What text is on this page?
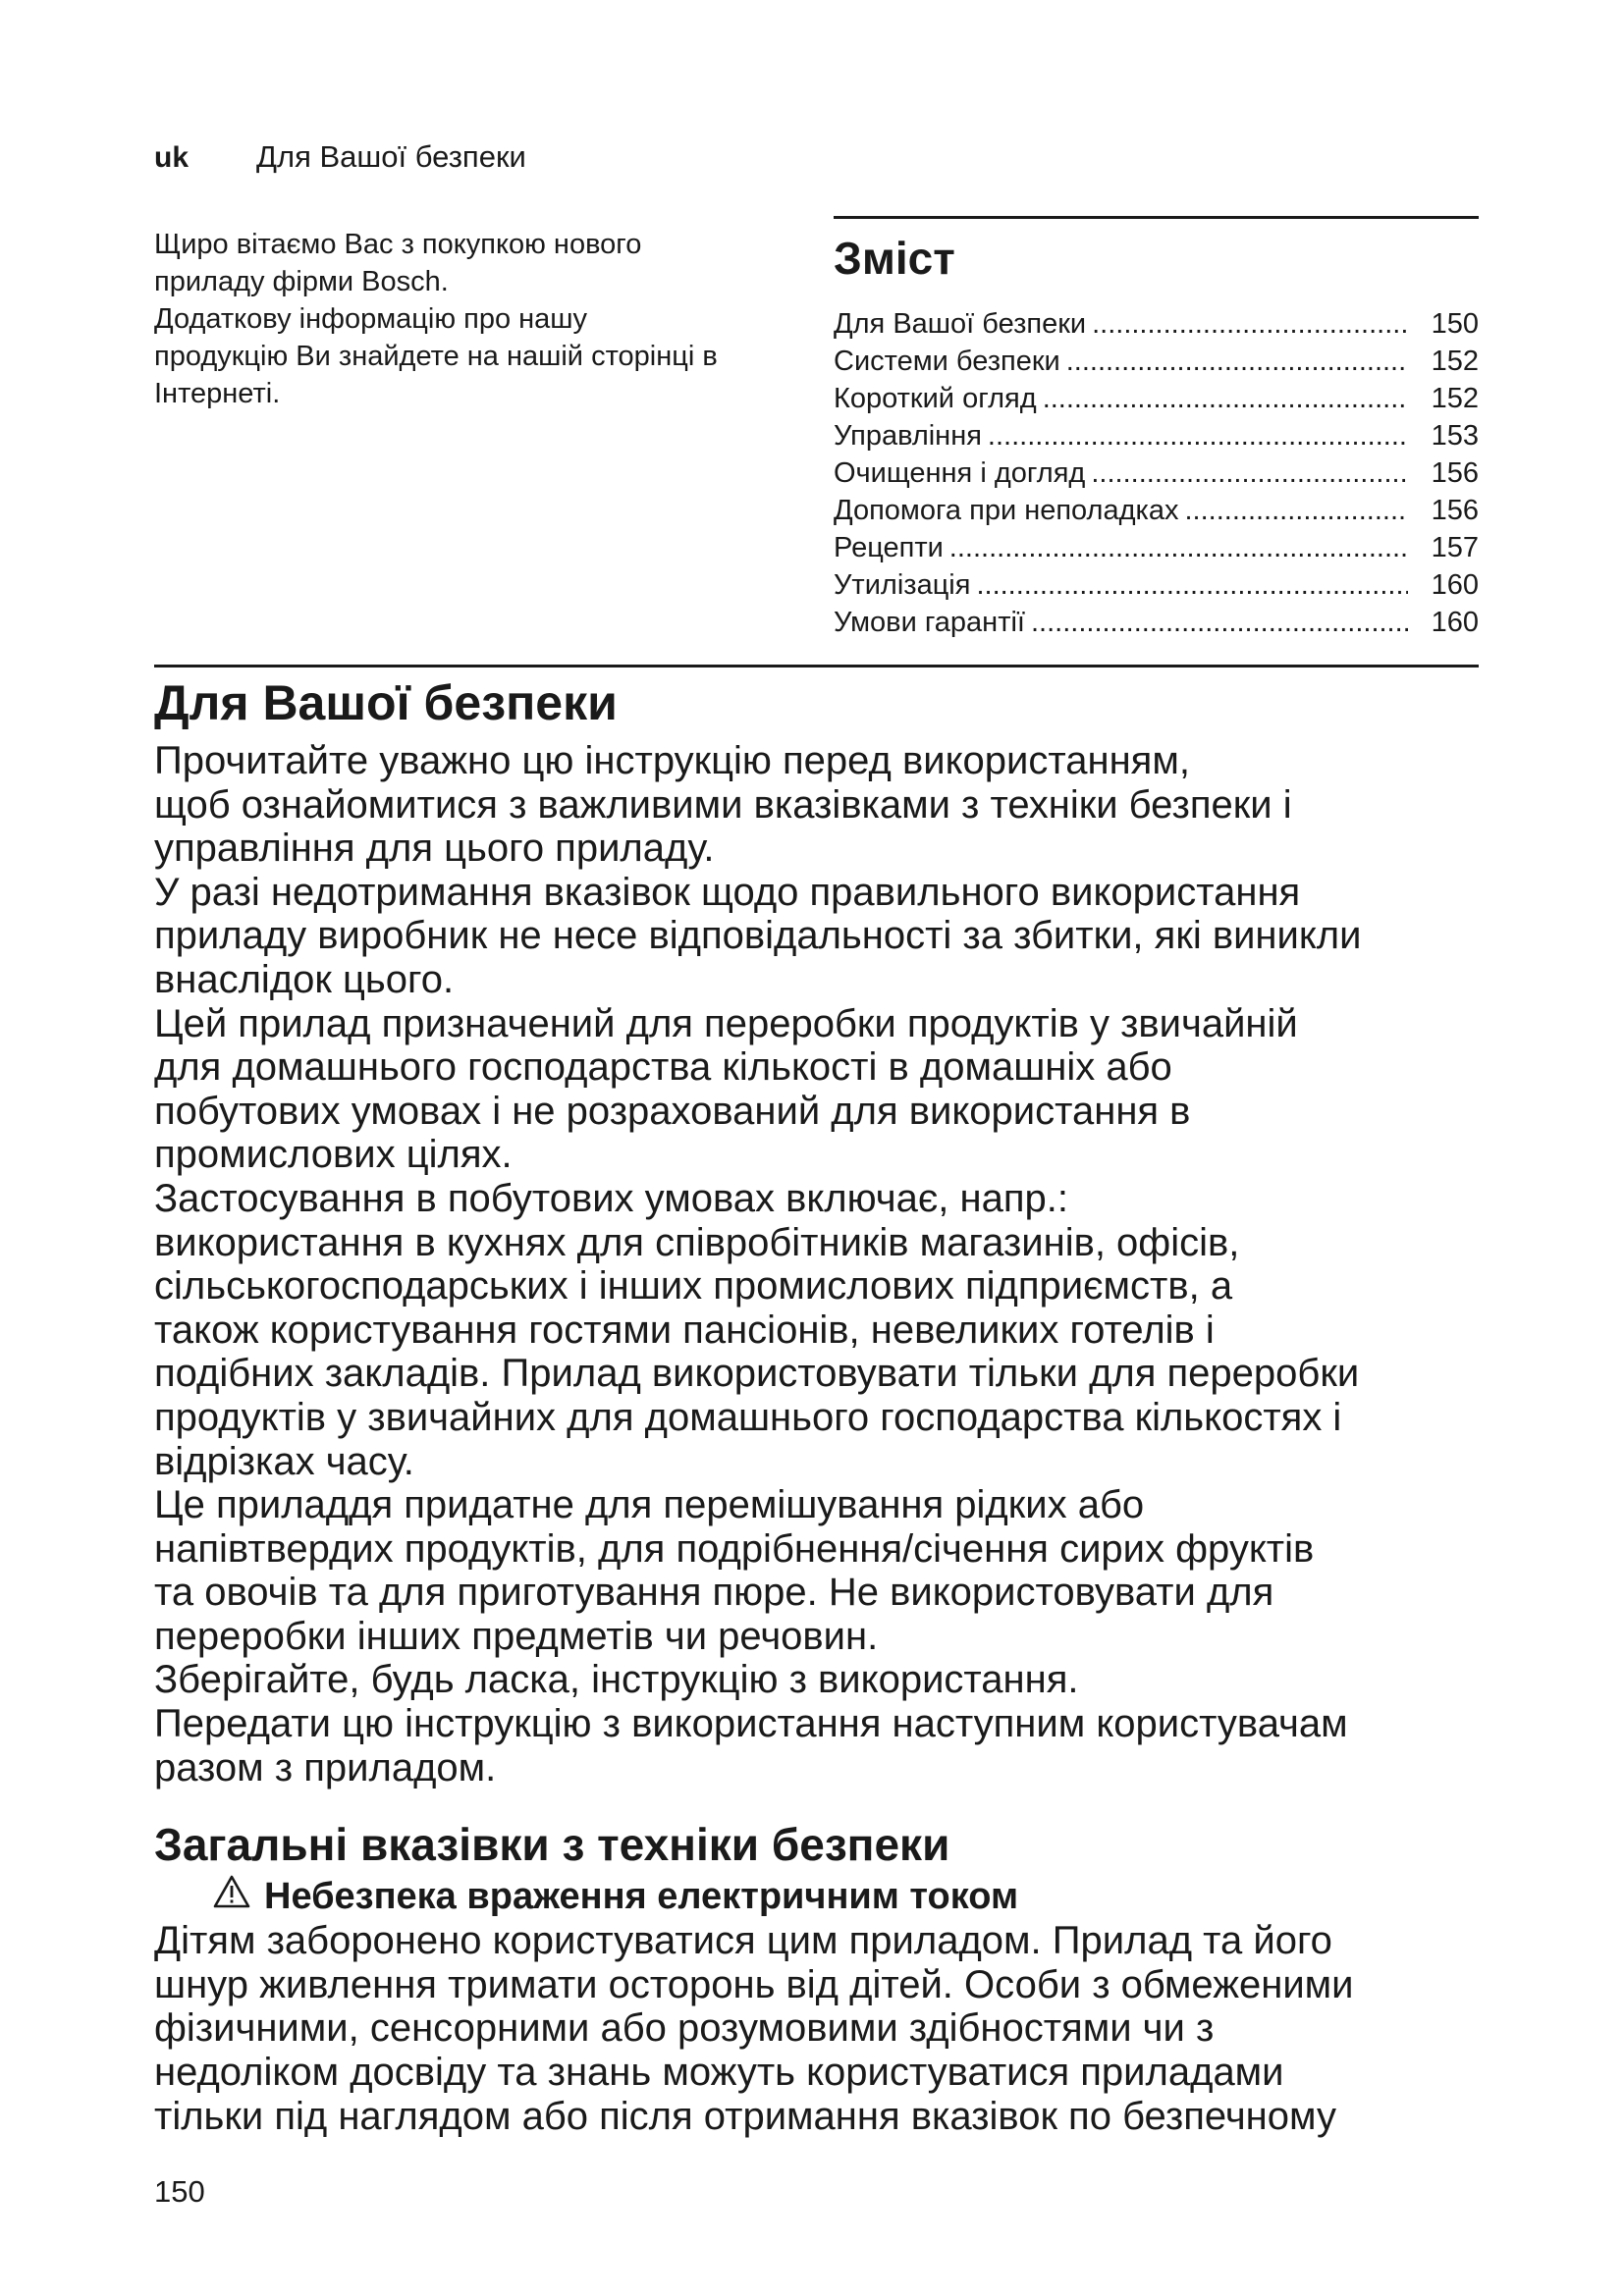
uk Для Вашої безпеки

Щиро вітаємо Вас з покупкою нового

приладу фірми Bosch.

Додаткову інформацію про нашу

продукцію Ви знайдете на нашій сторінці в

Інтернеті.

Зміст
Для Вашої безпеки .....	150
Системи безпеки .....	152
Короткий огляд .....	152
Управління .....	153
Очищення і догляд .....	156
Допомога при неполадках .....	156
Рецепти .....	157
Утилізація .....	160
Умови гарантії .....	160
Для Вашої безпеки

Прочитайте уважно цю інструкцію перед використанням,

щоб ознайомитися з важливими вказівками з техніки безпеки і

управління для цього приладу.

У разі недотримання вказівок щодо правильного використання

приладу виробник не несе відповідальності за збитки, які виникли

внаслідок цього.

Цей прилад призначений для переробки продуктів у звичайній

для домашнього господарства кількості в домашніх або

побутових умовах і не розрахований для використання в

промислових цілях.

Застосування в побутових умовах включає, напр.:

використання в кухнях для співробітників магазинів, офісів,

сільськогосподарських і інших промислових підприємств, а

також користування гостями пансіонів, невеликих готелів і

подібних закладів. Прилад використовувати тільки для переробки

продуктів у звичайних для домашнього господарства кількостях і

відрізках часу.

Це приладдя придатне для перемішування рідких або

напівтвердих продуктів, для подрібнення/січення сирих фруктів

та овочів та для приготування пюре. Не використовувати для

переробки інших предметів чи речовин.

Зберігайте, будь ласка, інструкцію з використання.

Передати цю інструкцію з використання наступним користувачам

разом з приладом.

Загальні вказівки з техніки безпеки
Небезпека враження електричним током

Дітям заборонено користуватися цим приладом. Прилад та його

шнур живлення тримати осторонь від дітей. Особи з обмеженими

фізичними, сенсорними або розумовими здібностями чи з

недоліком досвіду та знань можуть користуватися приладами

тільки під наглядом або після отримання вказівок по безпечному

150
